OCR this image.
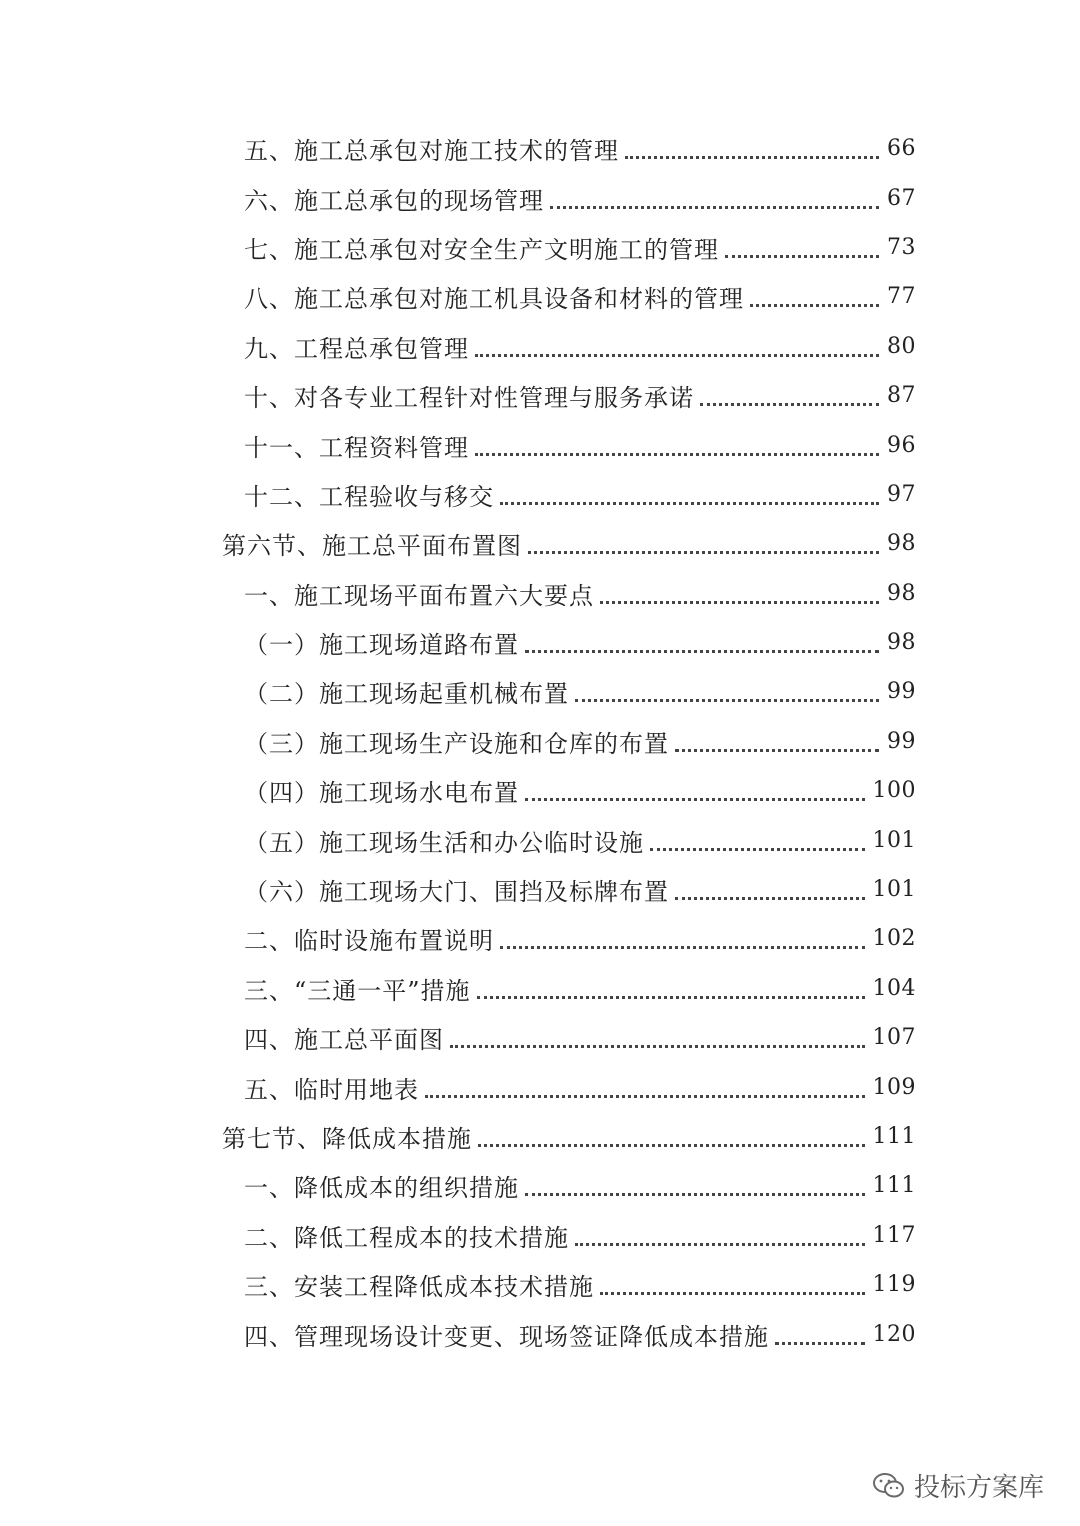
五、施工总承包对施工技术的管理	66
六、施工总承包的现场管理	67
七、施工总承包对安全生产文明施工的管理	73
八、施工总承包对施工机具设备和材料的管理	77
九、工程总承包管理	80
十、对各专业工程针对性管理与服务承诺	87
十一、工程资料管理	96
十二、工程验收与移交	97
第六节、施工总平面布置图	98
一、施工现场平面布置六大要点	98
（一）施工现场道路布置	98
（二）施工现场起重机械布置	99
（三）施工现场生产设施和仓库的布置	99
（四）施工现场水电布置	100
（五）施工现场生活和办公临时设施	101
（六）施工现场大门、围挡及标牌布置	101
二、临时设施布置说明	102
三、“三通一平”措施	104
四、施工总平面图	107
五、临时用地表	109
第七节、降低成本措施	111
一、降低成本的组织措施	111
二、降低工程成本的技术措施	117
三、安装工程降低成本技术措施	119
四、管理现场设计变更、现场签证降低成本措施	120
投标方案库
